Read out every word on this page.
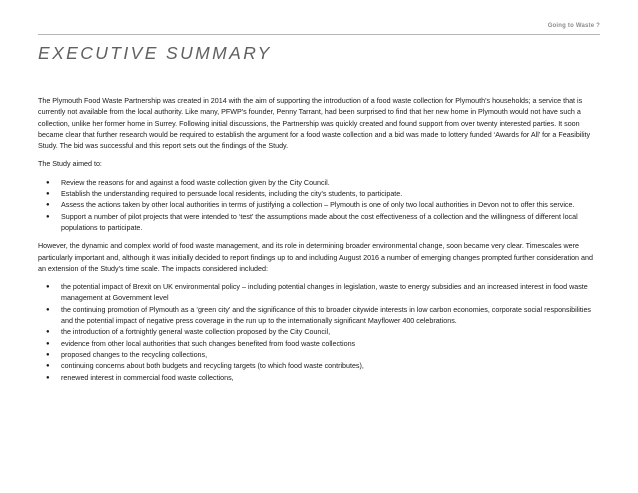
Going to Waste ?
EXECUTIVE SUMMARY

The Plymouth Food Waste Partnership was created in 2014 with the aim of supporting the introduction of a food waste collection for Plymouth’s households; a service that is currently not available from the local authority. Like many, PFWP’s founder, Penny Tarrant, had been surprised to find that her new home in Plymouth would not have such a collection, unlike her former home in Surrey. Following initial discussions, the Partnership was quickly created and found support from over twenty interested parties. It soon became clear that further research would be required to establish the argument for a food waste collection and a bid was made to lottery funded ‘Awards for All’ for a Feasibility Study. The bid was successful and this report sets out the findings of the Study.

The Study aimed to:

● Review the reasons for and against a food waste collection given by the City Council.
● Establish the understanding required to persuade local residents, including the city’s students, to participate.
● Assess the actions taken by other local authorities in terms of justifying a collection – Plymouth is one of only two local authorities in Devon not to offer this service.
● Support a number of pilot projects that were intended to ‘test’ the assumptions made about the cost effectiveness of a collection and the willingness of different local populations to participate.

However, the dynamic and complex world of food waste management, and its role in determining broader environmental change, soon became very clear. Timescales were particularly important and, although it was initially decided to report findings up to and including August 2016 a number of emerging changes prompted further consideration and an extension of the Study’s time scale. The impacts considered included:

● the potential impact of Brexit on UK environmental policy – including potential changes in legislation, waste to energy subsidies and an increased interest in food waste management at Government level
● the continuing promotion of Plymouth as a ‘green city’ and the significance of this to broader citywide interests in low carbon economies, corporate social responsibilities and the potential impact of negative press coverage in the run up to the internationally significant Mayflower 400 celebrations.
● the introduction of a fortnightly general waste collection proposed by the City Council,
● evidence from other local authorities that such changes benefited from food waste collections
● proposed changes to the recycling collections,
● continuing concerns about both budgets and recycling targets (to which food waste contributes),
● renewed interest in commercial food waste collections,
